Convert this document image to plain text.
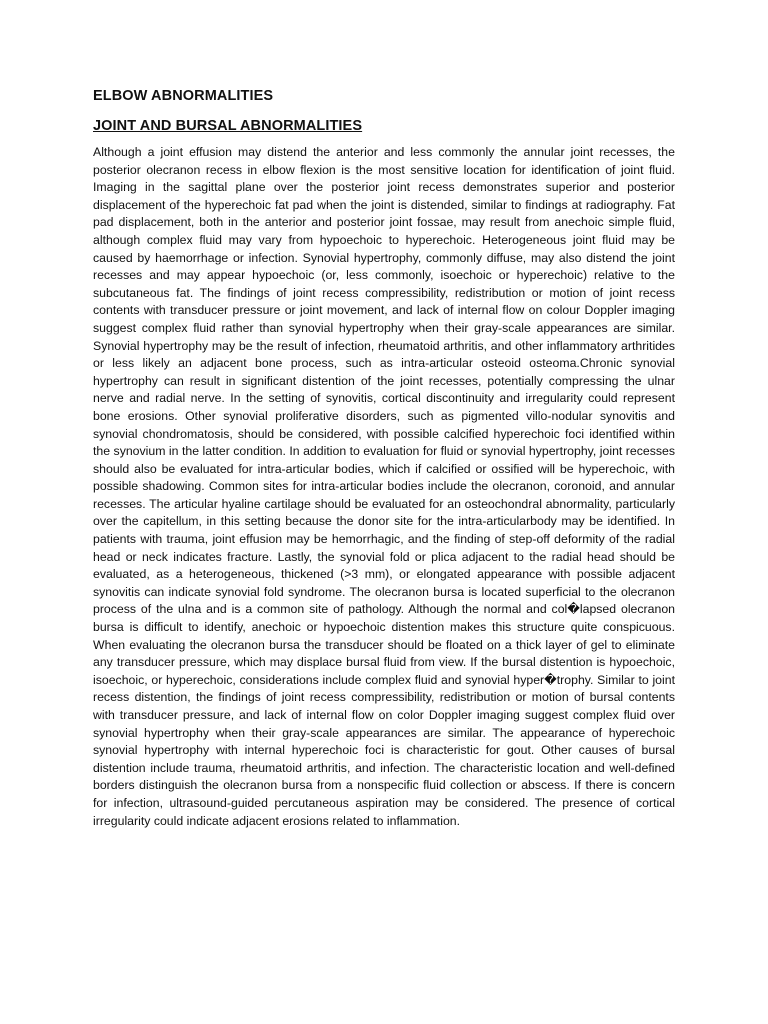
ELBOW ABNORMALITIES
JOINT AND BURSAL ABNORMALITIES

Although a joint effusion may distend the anterior and less commonly the annular joint recesses, the posterior olecranon recess in elbow flexion is the most sensitive location for identification of joint fluid. Imaging in the sagittal plane over the posterior joint recess demonstrates superior and posterior displacement of the hyperechoic fat pad when the joint is distended, similar to findings at radiography. Fat pad displacement, both in the anterior and posterior joint fossae, may result from anechoic simple fluid, although complex fluid may vary from hypoechoic to hyperechoic. Heterogeneous joint fluid may be caused by haemorrhage or infection. Synovial hypertrophy, commonly diffuse, may also distend the joint recesses and may appear hypoechoic (or, less commonly, isoechoic or hyperechoic) relative to the subcutaneous fat. The findings of joint recess compressibility, redistribution or motion of joint recess contents with transducer pressure or joint movement, and lack of internal flow on colour Doppler imaging suggest complex fluid rather than synovial hypertrophy when their gray-scale appearances are similar. Synovial hypertrophy may be the result of infection, rheumatoid arthritis, and other inflammatory arthritides or less likely an adjacent bone process, such as intra-articular osteoid osteoma.Chronic synovial hypertrophy can result in significant distention of the joint recesses, potentially compressing the ulnar nerve and radial nerve. In the setting of synovitis, cortical discontinuity and irregularity could represent bone erosions. Other synovial proliferative disorders, such as pigmented villo-nodular synovitis and synovial chondromatosis, should be considered, with possible calcified hyperechoic foci identified within the synovium in the latter condition. In addition to evaluation for fluid or synovial hypertrophy, joint recesses should also be evaluated for intra-articular bodies, which if calcified or ossified will be hyperechoic, with possible shadowing. Common sites for intra-articular bodies include the olecranon, coronoid, and annular recesses. The articular hyaline cartilage should be evaluated for an osteochondral abnormality, particularly over the capitellum, in this setting because the donor site for the intra-articularbody may be identified. In patients with trauma, joint effusion may be hemorrhagic, and the finding of step-off deformity of the radial head or neck indicates fracture. Lastly, the synovial fold or plica adjacent to the radial head should be evaluated, as a heterogeneous, thickened (>3 mm), or elongated appearance with possible adjacent synovitis can indicate synovial fold syndrome. The olecranon bursa is located superficial to the olecranon process of the ulna and is a common site of pathology. Although the normal and col�lapsed olecranon bursa is difficult to identify, anechoic or hypoechoic distention makes this structure quite conspicuous. When evaluating the olecranon bursa the transducer should be floated on a thick layer of gel to eliminate any transducer pressure, which may displace bursal fluid from view. If the bursal distention is hypoechoic, isoechoic, or hyperechoic, considerations include complex fluid and synovial hyper�trophy. Similar to joint recess distention, the findings of joint recess compressibility, redistribution or motion of bursal contents with transducer pressure, and lack of internal flow on color Doppler imaging suggest complex fluid over synovial hypertrophy when their gray-scale appearances are similar. The appearance of hyperechoic synovial hypertrophy with internal hyperechoic foci is characteristic for gout. Other causes of bursal distention include trauma, rheumatoid arthritis, and infection. The characteristic location and well-defined borders distinguish the olecranon bursa from a nonspecific fluid collection or abscess. If there is concern for infection, ultrasound-guided percutaneous aspiration may be considered. The presence of cortical irregularity could indicate adjacent erosions related to inflammation.
